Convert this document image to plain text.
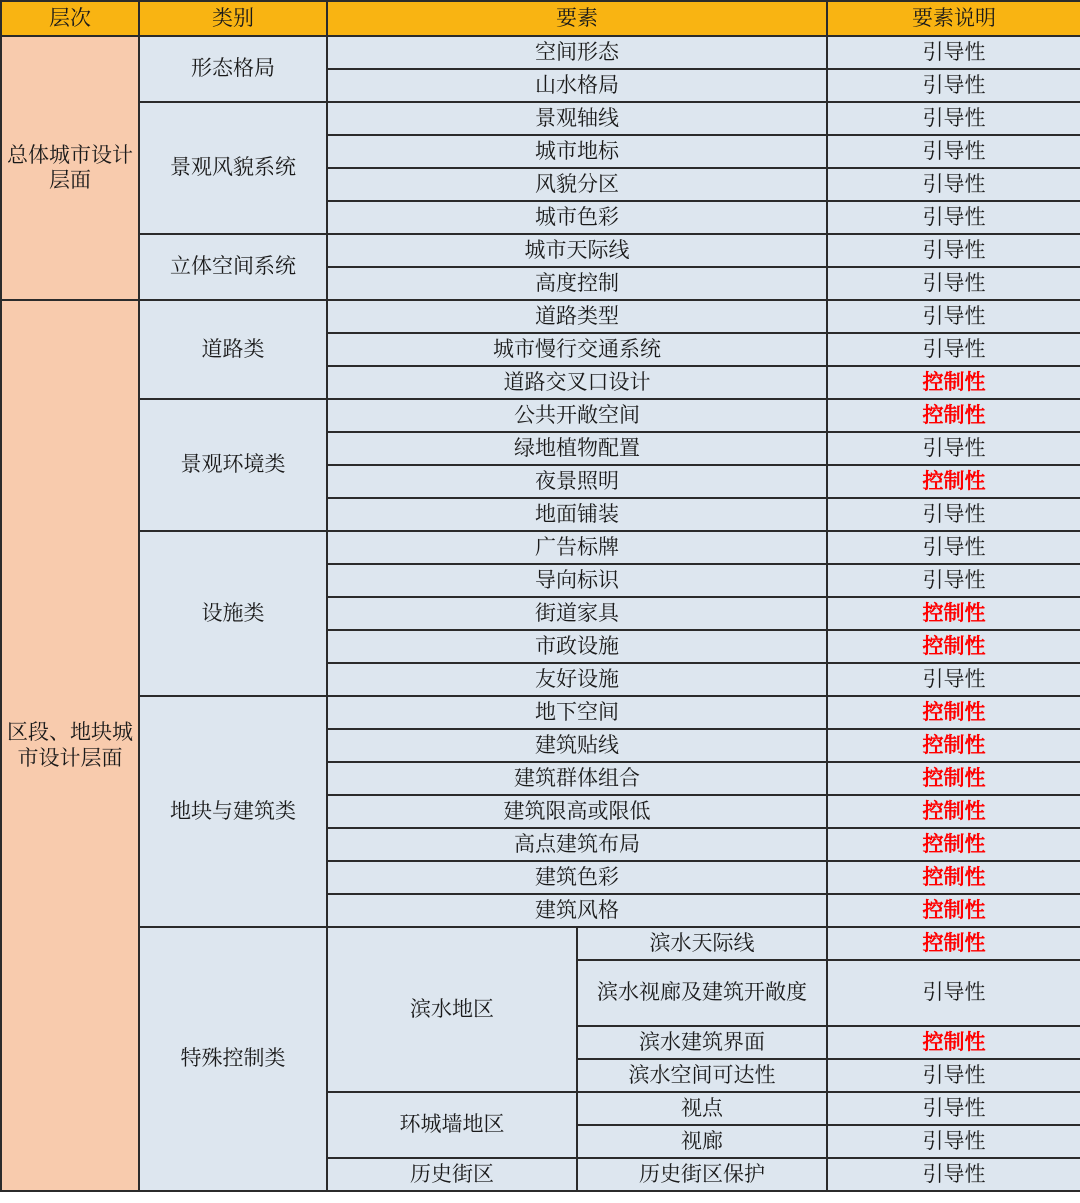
层次	类别	要素		要素说明
总体城市设计层面	形态格局	空间形态		引导性
		山水格局		引导性
	景观风貌系统	景观轴线		引导性
		城市地标		引导性
		风貌分区		引导性
		城市色彩		引导性
	立体空间系统	城市天际线		引导性
		高度控制		引导性
区段、地块城市设计层面	道路类	道路类型		引导性
		城市慢行交通系统		引导性
		道路交叉口设计		控制性
	景观环境类	公共开敞空间		控制性
		绿地植物配置		引导性
		夜景照明		控制性
		地面铺装		引导性
	设施类	广告标牌		引导性
		导向标识		引导性
		街道家具		控制性
		市政设施		控制性
		友好设施		引导性
	地块与建筑类	地下空间		控制性
		建筑贴线		控制性
		建筑群体组合		控制性
		建筑限高或限低		控制性
		高点建筑布局		控制性
		建筑色彩		控制性
		建筑风格		控制性
	特殊控制类	滨水地区	滨水天际线	控制性
			滨水视廊及建筑开敞度	引导性
			滨水建筑界面	控制性
			滨水空间可达性	引导性
		环城墙地区	视点	引导性
			视廊	引导性
		历史街区	历史街区保护	引导性
